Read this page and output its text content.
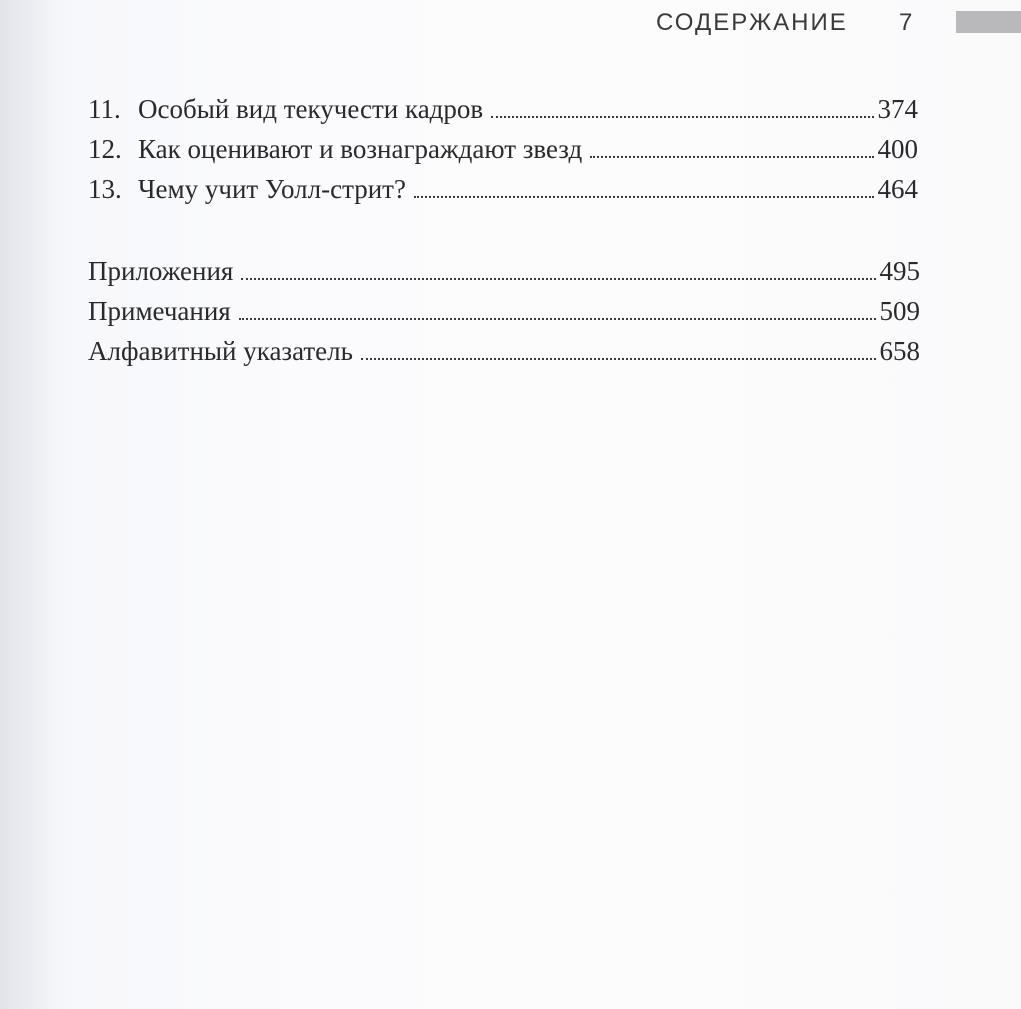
СОДЕРЖАНИЕ 7
11. Особый вид текучести кадров	374
12. Как оценивают и вознаграждают звезд	400
13. Чему учит Уолл-стрит?	464
Приложения	495
Примечания	509
Алфавитный указатель	658
